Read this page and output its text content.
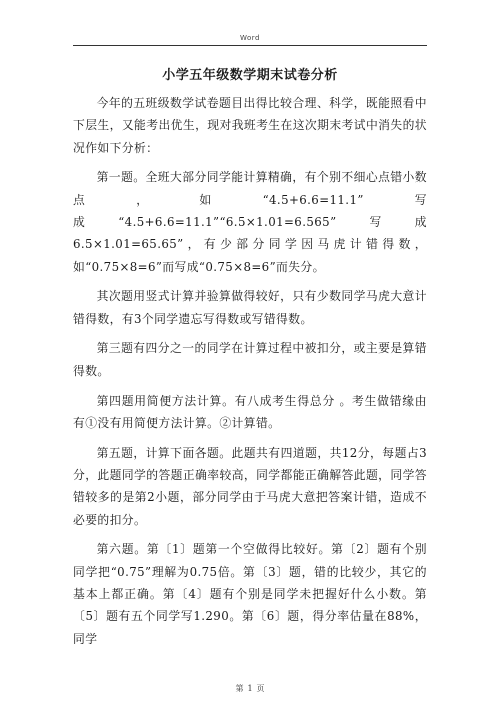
Word
小学五年级数学期末试卷分析

今年的五班级数学试卷题目出得比较合理、科学，既能照看中下层生，又能考出优生，现对我班考生在这次期末考试中消失的状况作如下分析：

第一题。全班大部分同学能计算精确，有个别不细心点错小数点，如“4.5+6.6=11.1”写成“4.5+6.6=11.1”“6.5×1.01=6.565”写成6.5×1.01=65.65”，有少部分同学因马虎计错得数，如“0.75×8=6”而写成“0.75×8=6”而失分。

其次题用竖式计算并验算做得较好，只有少数同学马虎大意计错得数，有3个同学遗忘写得数或写错得数。

第三题有四分之一的同学在计算过程中被扣分，或主要是算错得数。

第四题用简便方法计算。有八成考生得总分 。考生做错缘由有①没有用简便方法计算。②计算错。

第五题，计算下面各题。此题共有四道题，共12分，每题占3分，此题同学的答题正确率较高，同学都能正确解答此题，同学答错较多的是第2小题，部分同学由于马虎大意把答案计错，造成不必要的扣分。

第六题。第〔1〕题第一个空做得比较好。第〔2〕题有个别同学把“0.75”理解为0.75倍。第〔3〕题，错的比较少，其它的基本上都正确。第〔4〕题有个别是同学未把握好什么小数。第〔5〕题有五个同学写1.290。第〔6〕题，得分率估量在88%，同学

第 1 页
